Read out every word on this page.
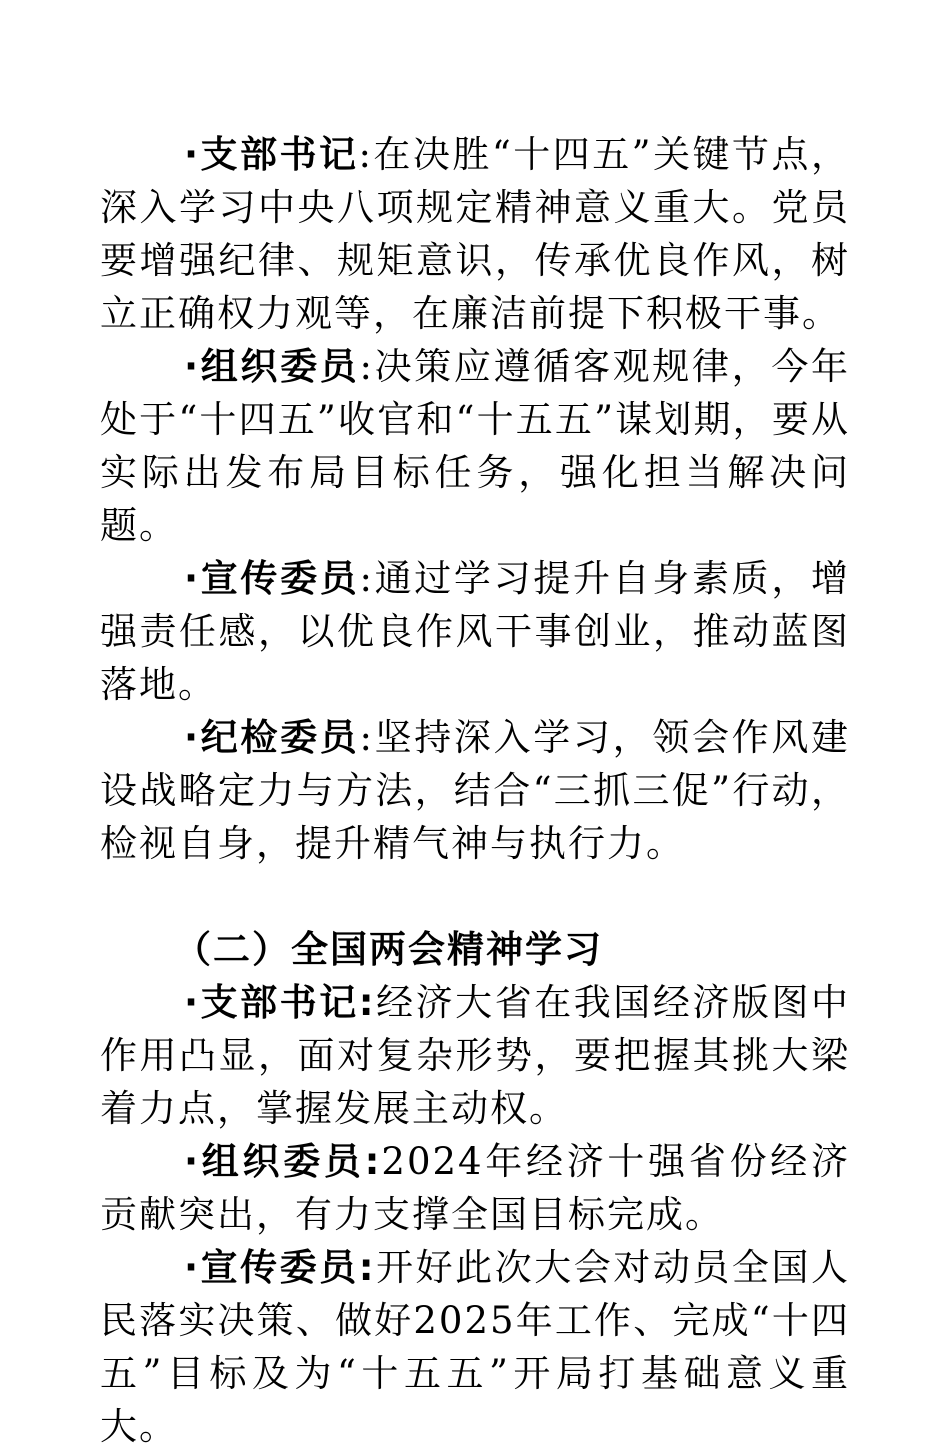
·支部书记:在决胜“十四五”关键节点，深入学习中央八项规定精神意义重大。党员要增强纪律、规矩意识，传承优良作风，树立正确权力观等，在廉洁前提下积极干事。

·组织委员:决策应遵循客观规律，今年处于“十四五”收官和“十五五”谋划期，要从实际出发布局目标任务，强化担当解决问题。

·宣传委员:通过学习提升自身素质，增强责任感，以优良作风干事创业，推动蓝图落地。

·纪检委员:坚持深入学习，领会作风建设战略定力与方法，结合“三抓三促”行动，检视自身，提升精气神与执行力。

（二）全国两会精神学习

·支部书记:经济大省在我国经济版图中作用凸显，面对复杂形势，要把握其挑大梁着力点，掌握发展主动权。

·组织委员:2024年经济十强省份经济贡献突出，有力支撑全国目标完成。

·宣传委员:开好此次大会对动员全国人民落实决策、做好2025年工作、完成“十四五”目标及为“十五五”开局打基础意义重大。
